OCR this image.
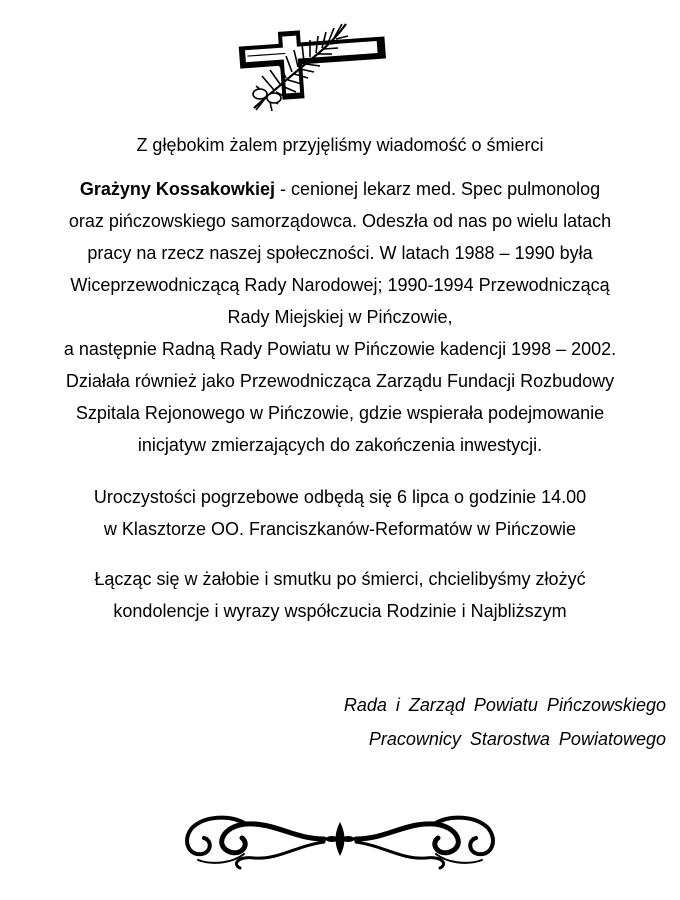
Z głębokim żalem przyjęliśmy wiadomość o śmierci
Grażyny Kossakowkiej - cenionej lekarz med. Spec pulmonolog
oraz pińczowskiego samorządowca. Odeszła od nas po wielu latach
pracy na rzecz naszej społeczności. W latach 1988 – 1990 była
Wiceprzewodniczącą Rady Narodowej; 1990-1994 Przewodniczącą
Rady Miejskiej w Pińczowie,
a następnie Radną Rady Powiatu w Pińczowie kadencji 1998 – 2002.
Działała również jako Przewodnicząca Zarządu Fundacji Rozbudowy
Szpitala Rejonowego w Pińczowie, gdzie wspierała podejmowanie
inicjatyw zmierzających do zakończenia inwestycji.
Uroczystości pogrzebowe odbędą się 6 lipca o godzinie 14.00
w Klasztorze OO. Franciszkanów-Reformatów w Pińczowie
Łącząc się w żałobie i smutku po śmierci, chcielibyśmy złożyć
kondolencje i wyrazy współczucia Rodzinie i Najbliższym
Rada i Zarząd Powiatu Pińczowskiego
Pracownicy Starostwa Powiatowego
